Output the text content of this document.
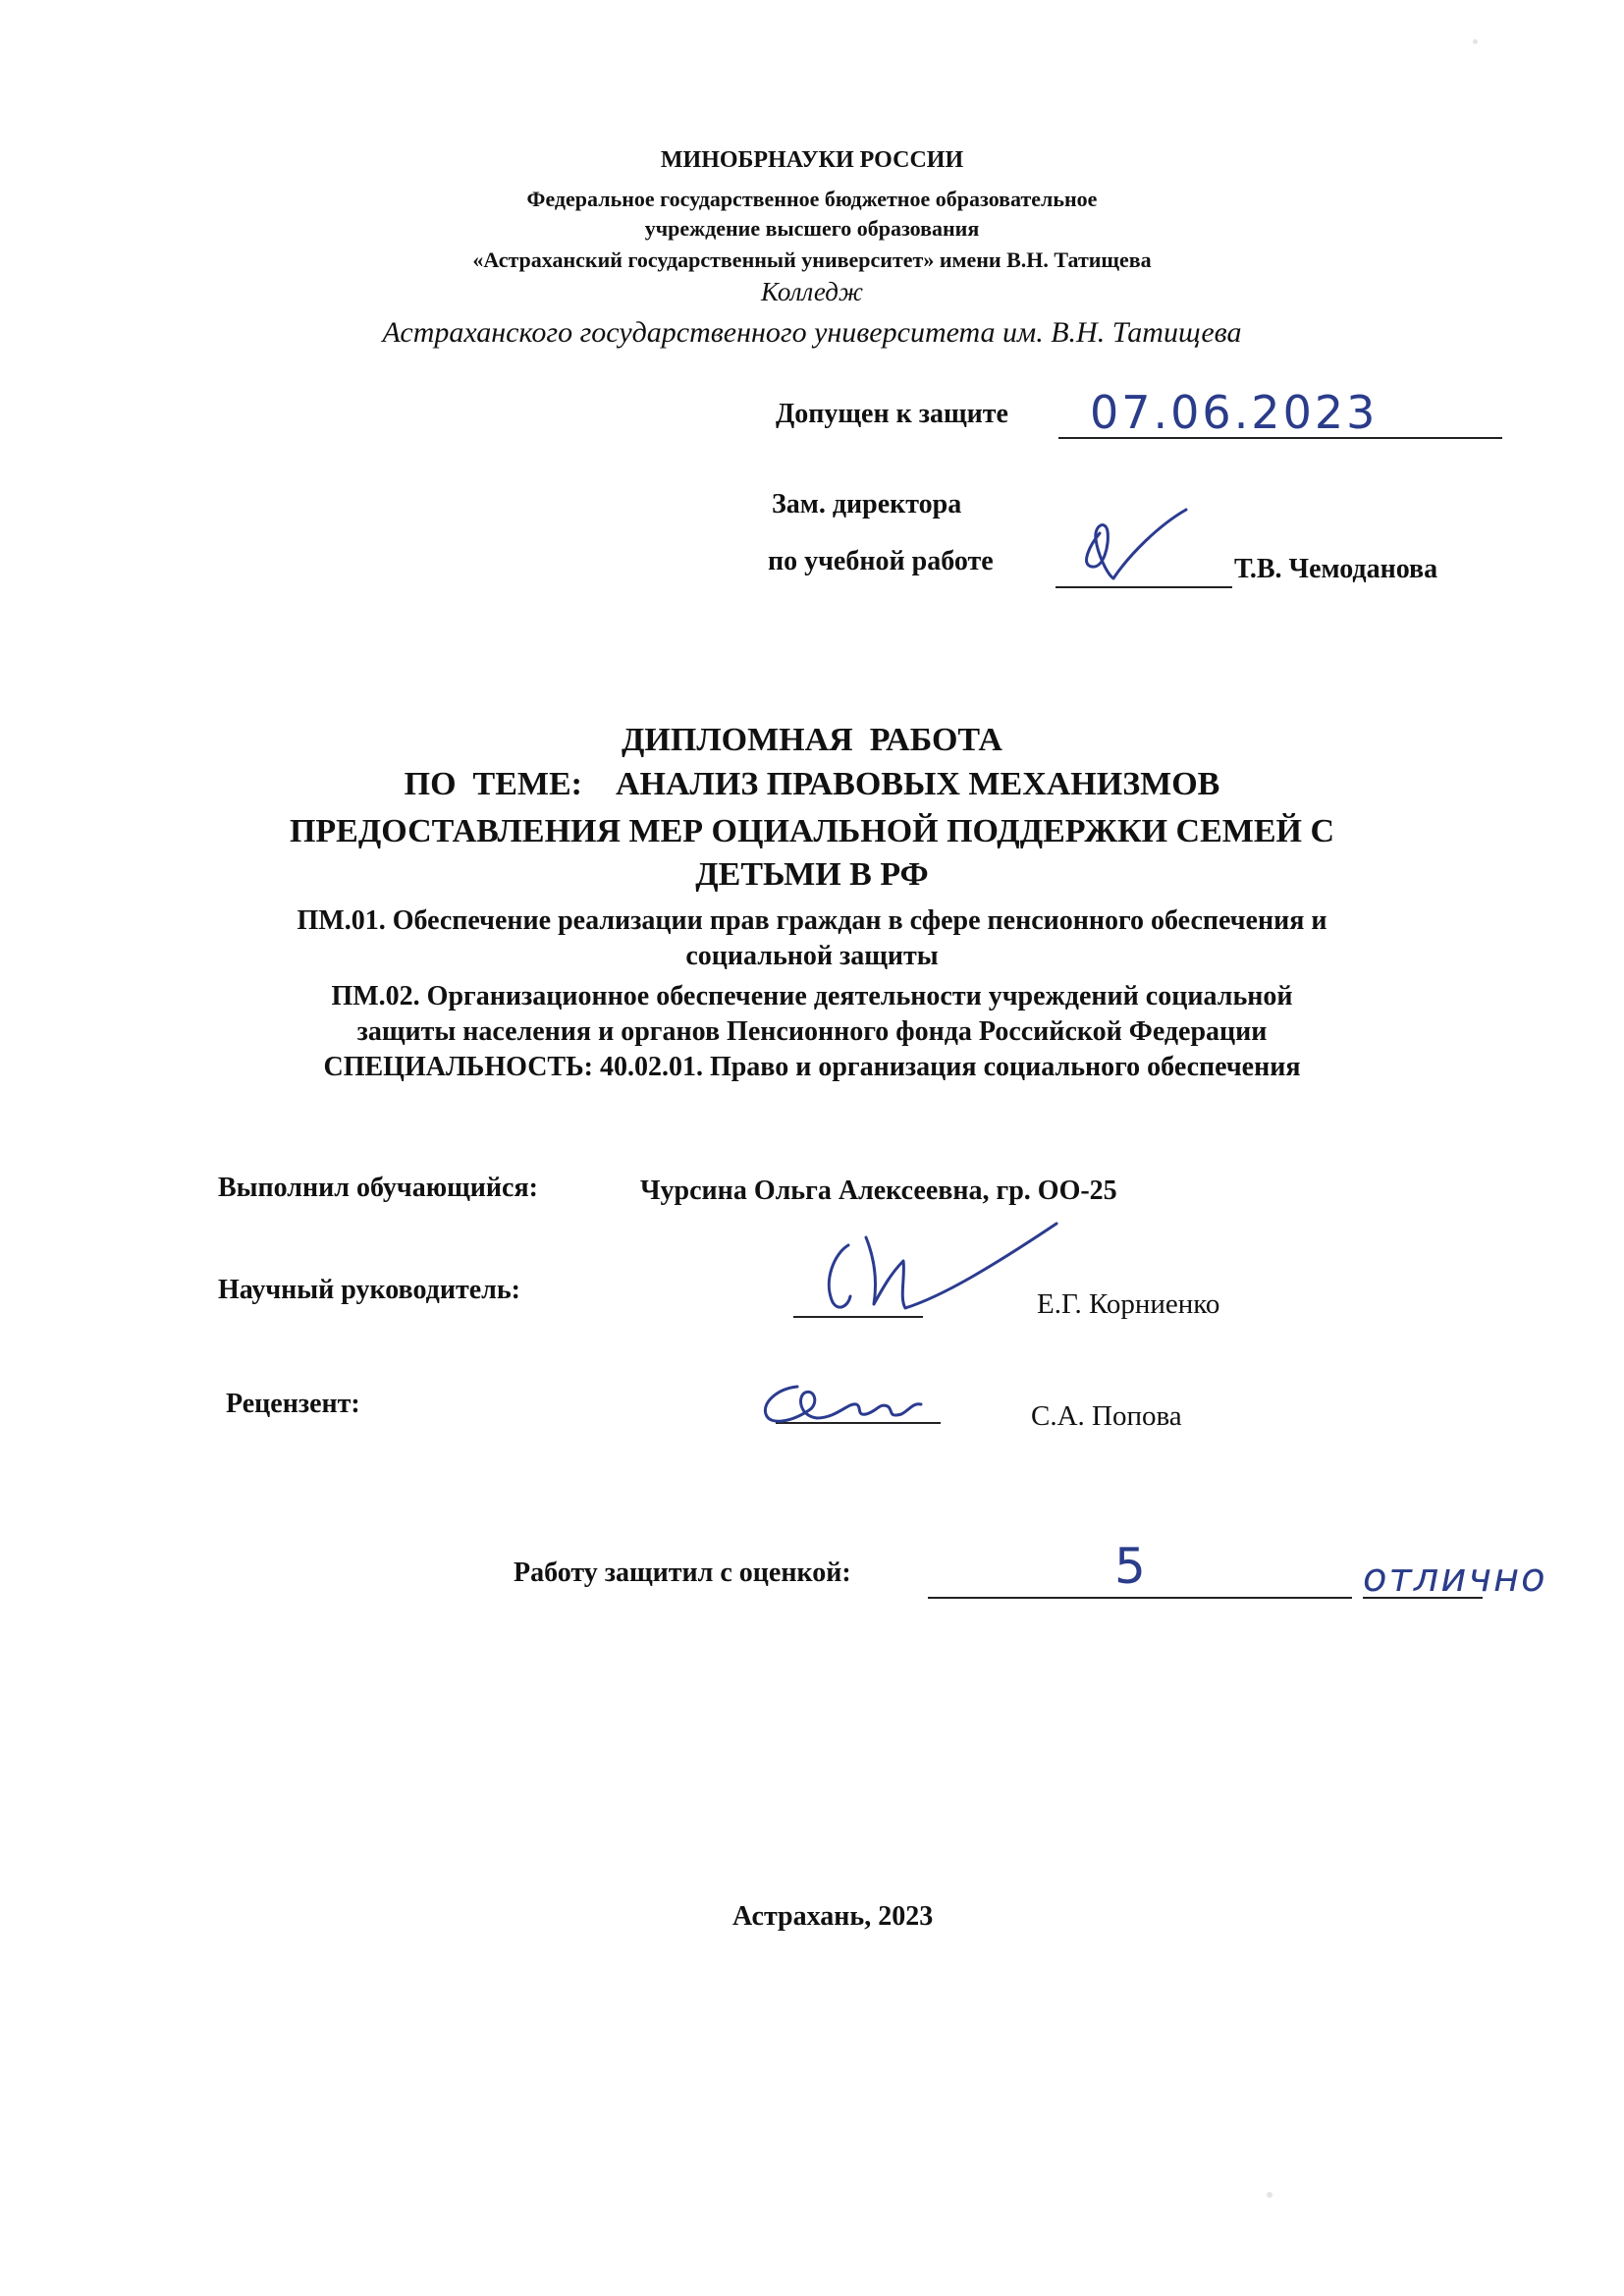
МИНОБРНАУКИ РОССИИ
Федеральное государственное бюджетное образовательное
учреждение высшего образования
«Астраханский государственный университет» имени В.Н. Татищева
Колледж
Астраханского государственного университета им. В.Н. Татищева
Допущен к защите 07.06.2023
Зам. директора
по учебной работе	Т.В. Чемоданова
ДИПЛОМНАЯ  РАБОТА
ПО  ТЕМЕ:    АНАЛИЗ ПРАВОВЫХ МЕХАНИЗМОВ
ПРЕДОСТАВЛЕНИЯ МЕР ОЦИАЛЬНОЙ ПОДДЕРЖКИ СЕМЕЙ С
ДЕТЬМИ В РФ
ПМ.01. Обеспечение реализации прав граждан в сфере пенсионного обеспечения и
социальной защиты
ПМ.02. Организационное обеспечение деятельности учреждений социальной
защиты населения и органов Пенсионного фонда Российской Федерации
СПЕЦИАЛЬНОСТЬ: 40.02.01. Право и организация социального обеспечения
Выполнил обучающийся:	Чурсина Ольга Алексеевна, гр. ОО-25
Научный руководитель:	Е.Г. Корниенко
Рецензент:	С.А. Попова
Работу защитил с оценкой:	5	отлично
Астрахань, 2023
